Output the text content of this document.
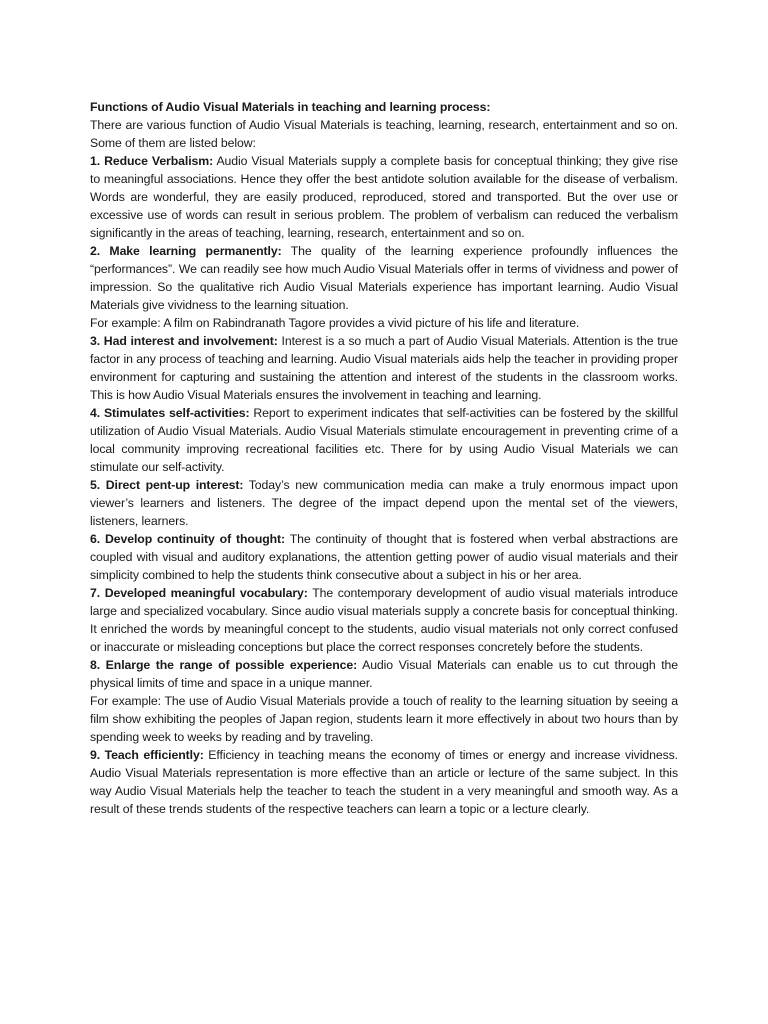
Functions of Audio Visual Materials in teaching and learning process:

There are various function of Audio Visual Materials is teaching, learning, research, entertainment and so on. Some of them are listed below:

1. Reduce Verbalism: Audio Visual Materials supply a complete basis for conceptual thinking; they give rise to meaningful associations. Hence they offer the best antidote solution available for the disease of verbalism. Words are wonderful, they are easily produced, reproduced, stored and transported. But the over use or excessive use of words can result in serious problem. The problem of verbalism can reduced the verbalism significantly in the areas of teaching, learning, research, entertainment and so on.

2. Make learning permanently: The quality of the learning experience profoundly influences the “performances”. We can readily see how much Audio Visual Materials offer in terms of vividness and power of impression. So the qualitative rich Audio Visual Materials experience has important learning. Audio Visual Materials give vividness to the learning situation.

For example: A film on Rabindranath Tagore provides a vivid picture of his life and literature.

3. Had interest and involvement: Interest is a so much a part of Audio Visual Materials. Attention is the true factor in any process of teaching and learning. Audio Visual materials aids help the teacher in providing proper environment for capturing and sustaining the attention and interest of the students in the classroom works. This is how Audio Visual Materials ensures the involvement in teaching and learning.

4. Stimulates self-activities: Report to experiment indicates that self-activities can be fostered by the skillful utilization of Audio Visual Materials. Audio Visual Materials stimulate encouragement in preventing crime of a local community improving recreational facilities etc. There for by using Audio Visual Materials we can stimulate our self-activity.

5. Direct pent-up interest: Today’s new communication media can make a truly enormous impact upon viewer’s learners and listeners. The degree of the impact depend upon the mental set of the viewers, listeners, learners.

6. Develop continuity of thought: The continuity of thought that is fostered when verbal abstractions are coupled with visual and auditory explanations, the attention getting power of audio visual materials and their simplicity combined to help the students think consecutive about a subject in his or her area.

7. Developed meaningful vocabulary: The contemporary development of audio visual materials introduce large and specialized vocabulary. Since audio visual materials supply a concrete basis for conceptual thinking. It enriched the words by meaningful concept to the students, audio visual materials not only correct confused or inaccurate or misleading conceptions but place the correct responses concretely before the students.

8. Enlarge the range of possible experience: Audio Visual Materials can enable us to cut through the physical limits of time and space in a unique manner.

For example: The use of Audio Visual Materials provide a touch of reality to the learning situation by seeing a film show exhibiting the peoples of Japan region, students learn it more effectively in about two hours than by spending week to weeks by reading and by traveling.

9. Teach efficiently: Efficiency in teaching means the economy of times or energy and increase vividness. Audio Visual Materials representation is more effective than an article or lecture of the same subject. In this way Audio Visual Materials help the teacher to teach the student in a very meaningful and smooth way. As a result of these trends students of the respective teachers can learn a topic or a lecture clearly.
